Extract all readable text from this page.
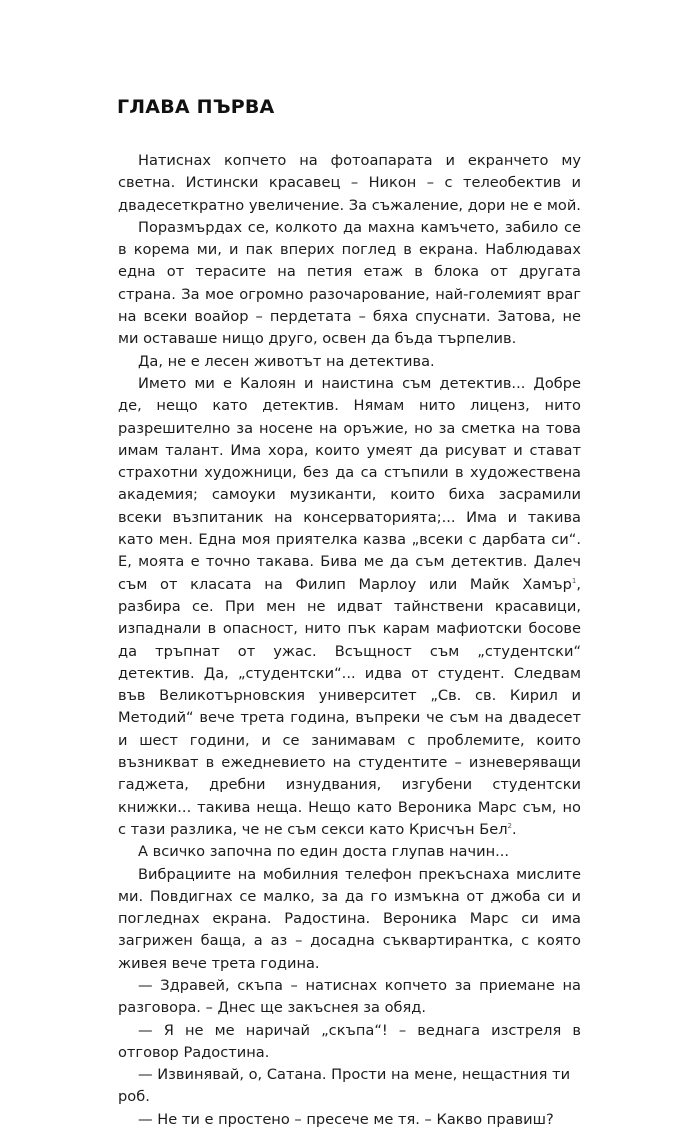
ГЛАВА ПЪРВА

Натиснах копчето на фотоапарата и екранчето му светна. Истински красавец – Никон – с телеобектив и двадесеткратно увеличение. За съжаление, дори не е мой.

Поразмърдах се, колкото да махна камъчето, забило се в корема ми, и пак вперих поглед в екрана. Наблюдавах една от терасите на петия етаж в блока от другата страна. За мое огромно разочарование, най-големият враг на всеки воайор – пердетата – бяха спуснати. Затова, не ми оставаше нищо друго, освен да бъда търпелив.

Да, не е лесен животът на детектива.

Името ми е Калоян и наистина съм детектив... Добре де, нещо като детектив. Нямам нито лиценз, нито разрешително за носене на оръжие, но за сметка на това имам талант. Има хора, които умеят да рисуват и стават страхотни художници, без да са стъпили в художествена академия; самоуки музиканти, които биха засрамили всеки възпитаник на консерваторията;... Има и такива като мен. Една моя приятелка казва „всеки с дарбата си“. Е, моята е точно такава. Бива ме да съм детектив. Далеч съм от класата на Филип Марлоу или Майк Хамър$^1$, разбира се. При мен не идват тайнствени красавици, изпаднали в опасност, нито пък карам мафиотски босове да тръпнат от ужас. Всъщност съм „студентски“ детектив. Да, „студентски“... идва от студент. Следвам във Великотърновския университет „Св. св. Кирил и Методий“ вече трета година, въпреки че съм на двадесет и шест години, и се занимавам с проблемите, които възникват в ежедневието на студентите – изневеряващи гаджета, дребни изнудвания, изгубени студентски книжки... такива неща. Нещо като Вероника Марс съм, но с тази разлика, че не съм секси като Крисчън Бел$^2$.

А всичко започна по един доста глупав начин...

Вибрациите на мобилния телефон прекъснаха мислите ми. Повдигнах се малко, за да го измъкна от джоба си и погледнах екрана. Радостина. Вероника Марс си има загрижен баща, а аз – досадна съквартирантка, с която живея вече трета година.

— Здравей, скъпа – натиснах копчето за приемане на разговора. – Днес ще закъснея за обяд.

— Я не ме наричай „скъпа“! – веднага изстреля в отговор Радостина.

— Извинявай, о, Сатана. Прости на мене, нещастния ти роб.

— Не ти е простено – пресече ме тя. – Какво правиш?
